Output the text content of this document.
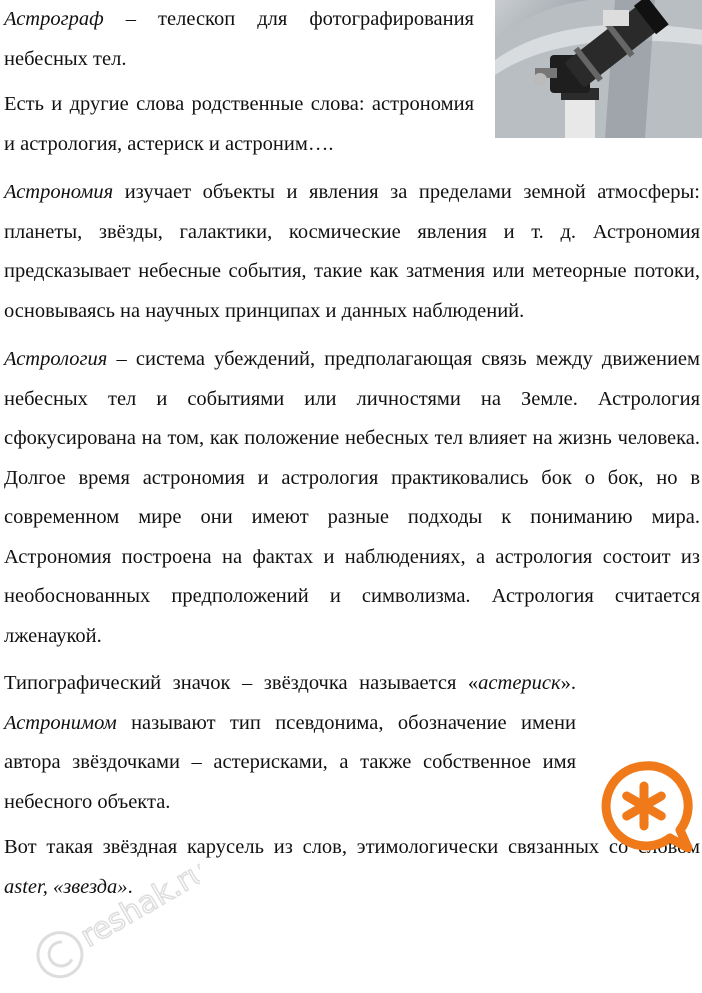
Астрограф – телескоп для фотографирования небесных тел.

Есть и другие слова родственные слова: астрономия и астрология, астериск и астроним….

Астрономия изучает объекты и явления за пределами земной атмосферы: планеты, звёзды, галактики, космические явления и т. д. Астрономия предсказывает небесные события, такие как затмения или метеорные потоки, основываясь на научных принципах и данных наблюдений.

Астрология – система убеждений, предполагающая связь между движением небесных тел и событиями или личностями на Земле. Астрология сфокусирована на том, как положение небесных тел влияет на жизнь человека. Долгое время астрономия и астрология практиковались бок о бок, но в современном мире они имеют разные подходы к пониманию мира. Астрономия построена на фактах и наблюдениях, а астрология состоит из необоснованных предположений и символизма. Астрология считается лженаукой.

Типографический значок – звёздочка называется «астериск». Астронимом называют тип псевдонима, обозначение имени автора звёздочками – астерисками, а также собственное имя небесного объекта.

Вот такая звёздная карусель из слов, этимологически связанных со словом aster, «звезда».

reshak.ru
